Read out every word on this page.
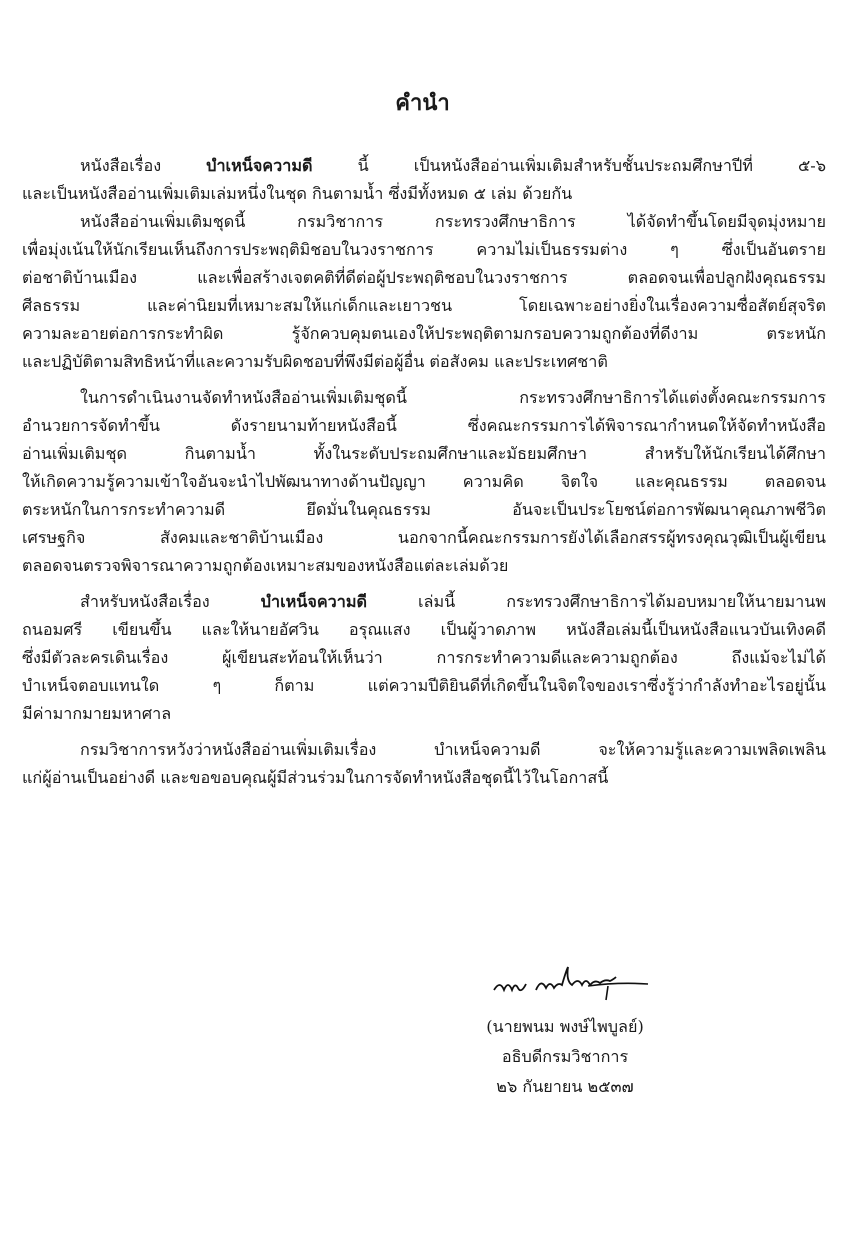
คำนำ
หนังสือเรื่อง บำเหน็จความดี นี้ เป็นหนังสืออ่านเพิ่มเติมสำหรับชั้นประถมศึกษาปีที่ ๕-๖
และเป็นหนังสืออ่านเพิ่มเติมเล่มหนึ่งในชุด กินตามน้ำ ซึ่งมีทั้งหมด ๕ เล่ม ด้วยกัน
หนังสืออ่านเพิ่มเติมชุดนี้ กรมวิชาการ กระทรวงศึกษาธิการ ได้จัดทำขึ้นโดยมีจุดมุ่งหมาย
เพื่อมุ่งเน้นให้นักเรียนเห็นถึงการประพฤติมิชอบในวงราชการ ความไม่เป็นธรรมต่าง ๆ ซึ่งเป็นอันตราย
ต่อชาติบ้านเมือง และเพื่อสร้างเจตคติที่ดีต่อผู้ประพฤติชอบในวงราชการ ตลอดจนเพื่อปลูกฝังคุณธรรม
ศีลธรรม และค่านิยมที่เหมาะสมให้แก่เด็กและเยาวชน โดยเฉพาะอย่างยิ่งในเรื่องความซื่อสัตย์สุจริต
ความละอายต่อการกระทำผิด รู้จักควบคุมตนเองให้ประพฤติตามกรอบความถูกต้องที่ดีงาม ตระหนัก
และปฏิบัติตามสิทธิหน้าที่และความรับผิดชอบที่พึงมีต่อผู้อื่น ต่อสังคม และประเทศชาติ
ในการดำเนินงานจัดทำหนังสืออ่านเพิ่มเติมชุดนี้ กระทรวงศึกษาธิการได้แต่งตั้งคณะกรรมการ
อำนวยการจัดทำขึ้น ดังรายนามท้ายหนังสือนี้ ซึ่งคณะกรรมการได้พิจารณากำหนดให้จัดทำหนังสือ
อ่านเพิ่มเติมชุด กินตามน้ำ ทั้งในระดับประถมศึกษาและมัธยมศึกษา สำหรับให้นักเรียนได้ศึกษา
ให้เกิดความรู้ความเข้าใจอันจะนำไปพัฒนาทางด้านปัญญา ความคิด จิตใจ และคุณธรรม ตลอดจน
ตระหนักในการกระทำความดี ยึดมั่นในคุณธรรม อันจะเป็นประโยชน์ต่อการพัฒนาคุณภาพชีวิต
เศรษฐกิจ สังคมและชาติบ้านเมือง นอกจากนี้คณะกรรมการยังได้เลือกสรรผู้ทรงคุณวุฒิเป็นผู้เขียน
ตลอดจนตรวจพิจารณาความถูกต้องเหมาะสมของหนังสือแต่ละเล่มด้วย
สำหรับหนังสือเรื่อง บำเหน็จความดี เล่มนี้ กระทรวงศึกษาธิการได้มอบหมายให้นายมานพ
ถนอมศรี เขียนขึ้น และให้นายอัศวิน อรุณแสง เป็นผู้วาดภาพ หนังสือเล่มนี้เป็นหนังสือแนวบันเทิงคดี
ซึ่งมีตัวละครเดินเรื่อง ผู้เขียนสะท้อนให้เห็นว่า การกระทำความดีและความถูกต้อง ถึงแม้จะไม่ได้
บำเหน็จตอบแทนใด ๆ ก็ตาม แต่ความปีติยินดีที่เกิดขึ้นในจิตใจของเราซึ่งรู้ว่ากำลังทำอะไรอยู่นั้น
มีค่ามากมายมหาศาล
กรมวิชาการหวังว่าหนังสืออ่านเพิ่มเติมเรื่อง บำเหน็จความดี จะให้ความรู้และความเพลิดเพลิน
แก่ผู้อ่านเป็นอย่างดี และขอขอบคุณผู้มีส่วนร่วมในการจัดทำหนังสือชุดนี้ไว้ในโอกาสนี้
(นายพนม พงษ์ไพบูลย์)
อธิบดีกรมวิชาการ
๒๖ กันยายน ๒๕๓๗
